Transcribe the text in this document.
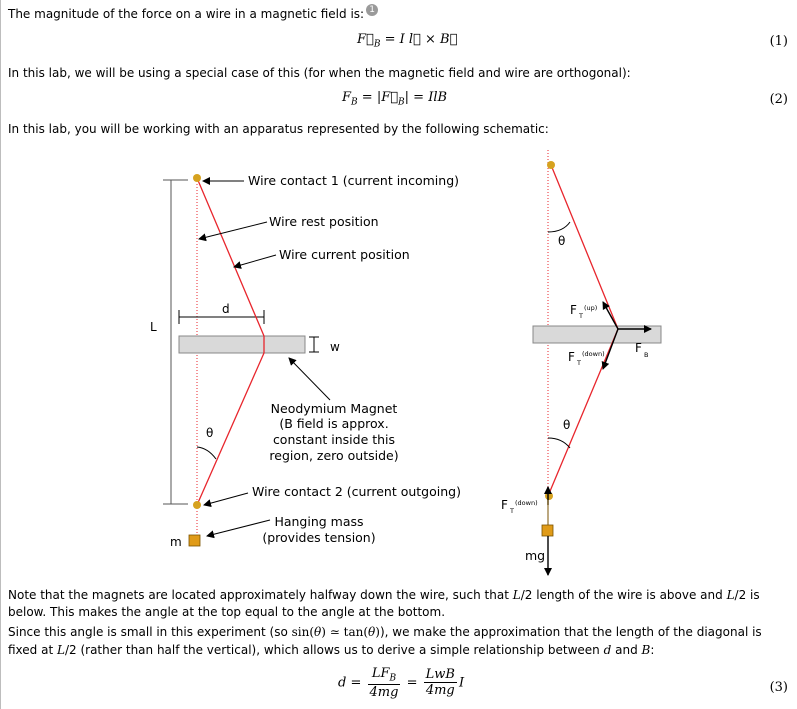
The magnitude of the force on a wire in a magnetic field is: 1
$F⃗_B = I$ l⃗ × B⃗	(1)
In this lab, we will be using a special case of this (for when the magnetic field and wire are orthogonal):
$F_B$ = $|F⃗_B|$ = IlB	(2)
In this lab, you will be working with an apparatus represented by the following schematic:
L
w
d
θ
m
Wire contact 1 (current incoming)
Wire rest position
Wire current position
Neodymium Magnet
(B field is approx.
constant inside this
region, zero outside)
Wire contact 2 (current outgoing)
Hanging mass
(provides tension)
θ
θ
mg
F T
(up)
F T
(down)	F B
F T
(down)
Note that the magnets are located approximately halfway down the wire, such that L/2 length of the wire is above and L/2 is
below. This makes the angle at the top equal to the angle at the bottom.
Since this angle is small in this experiment (so sin(θ) ≃ tan(θ)), we make the approximation that the length of the diagonal is
fixed at L/2 (rather than half the vertical), which allows us to derive a simple relationship between d and B:
$d = \frac{LF_B}{4mg} = \frac{\text{LwB}}{4mg}$ I	(3)
